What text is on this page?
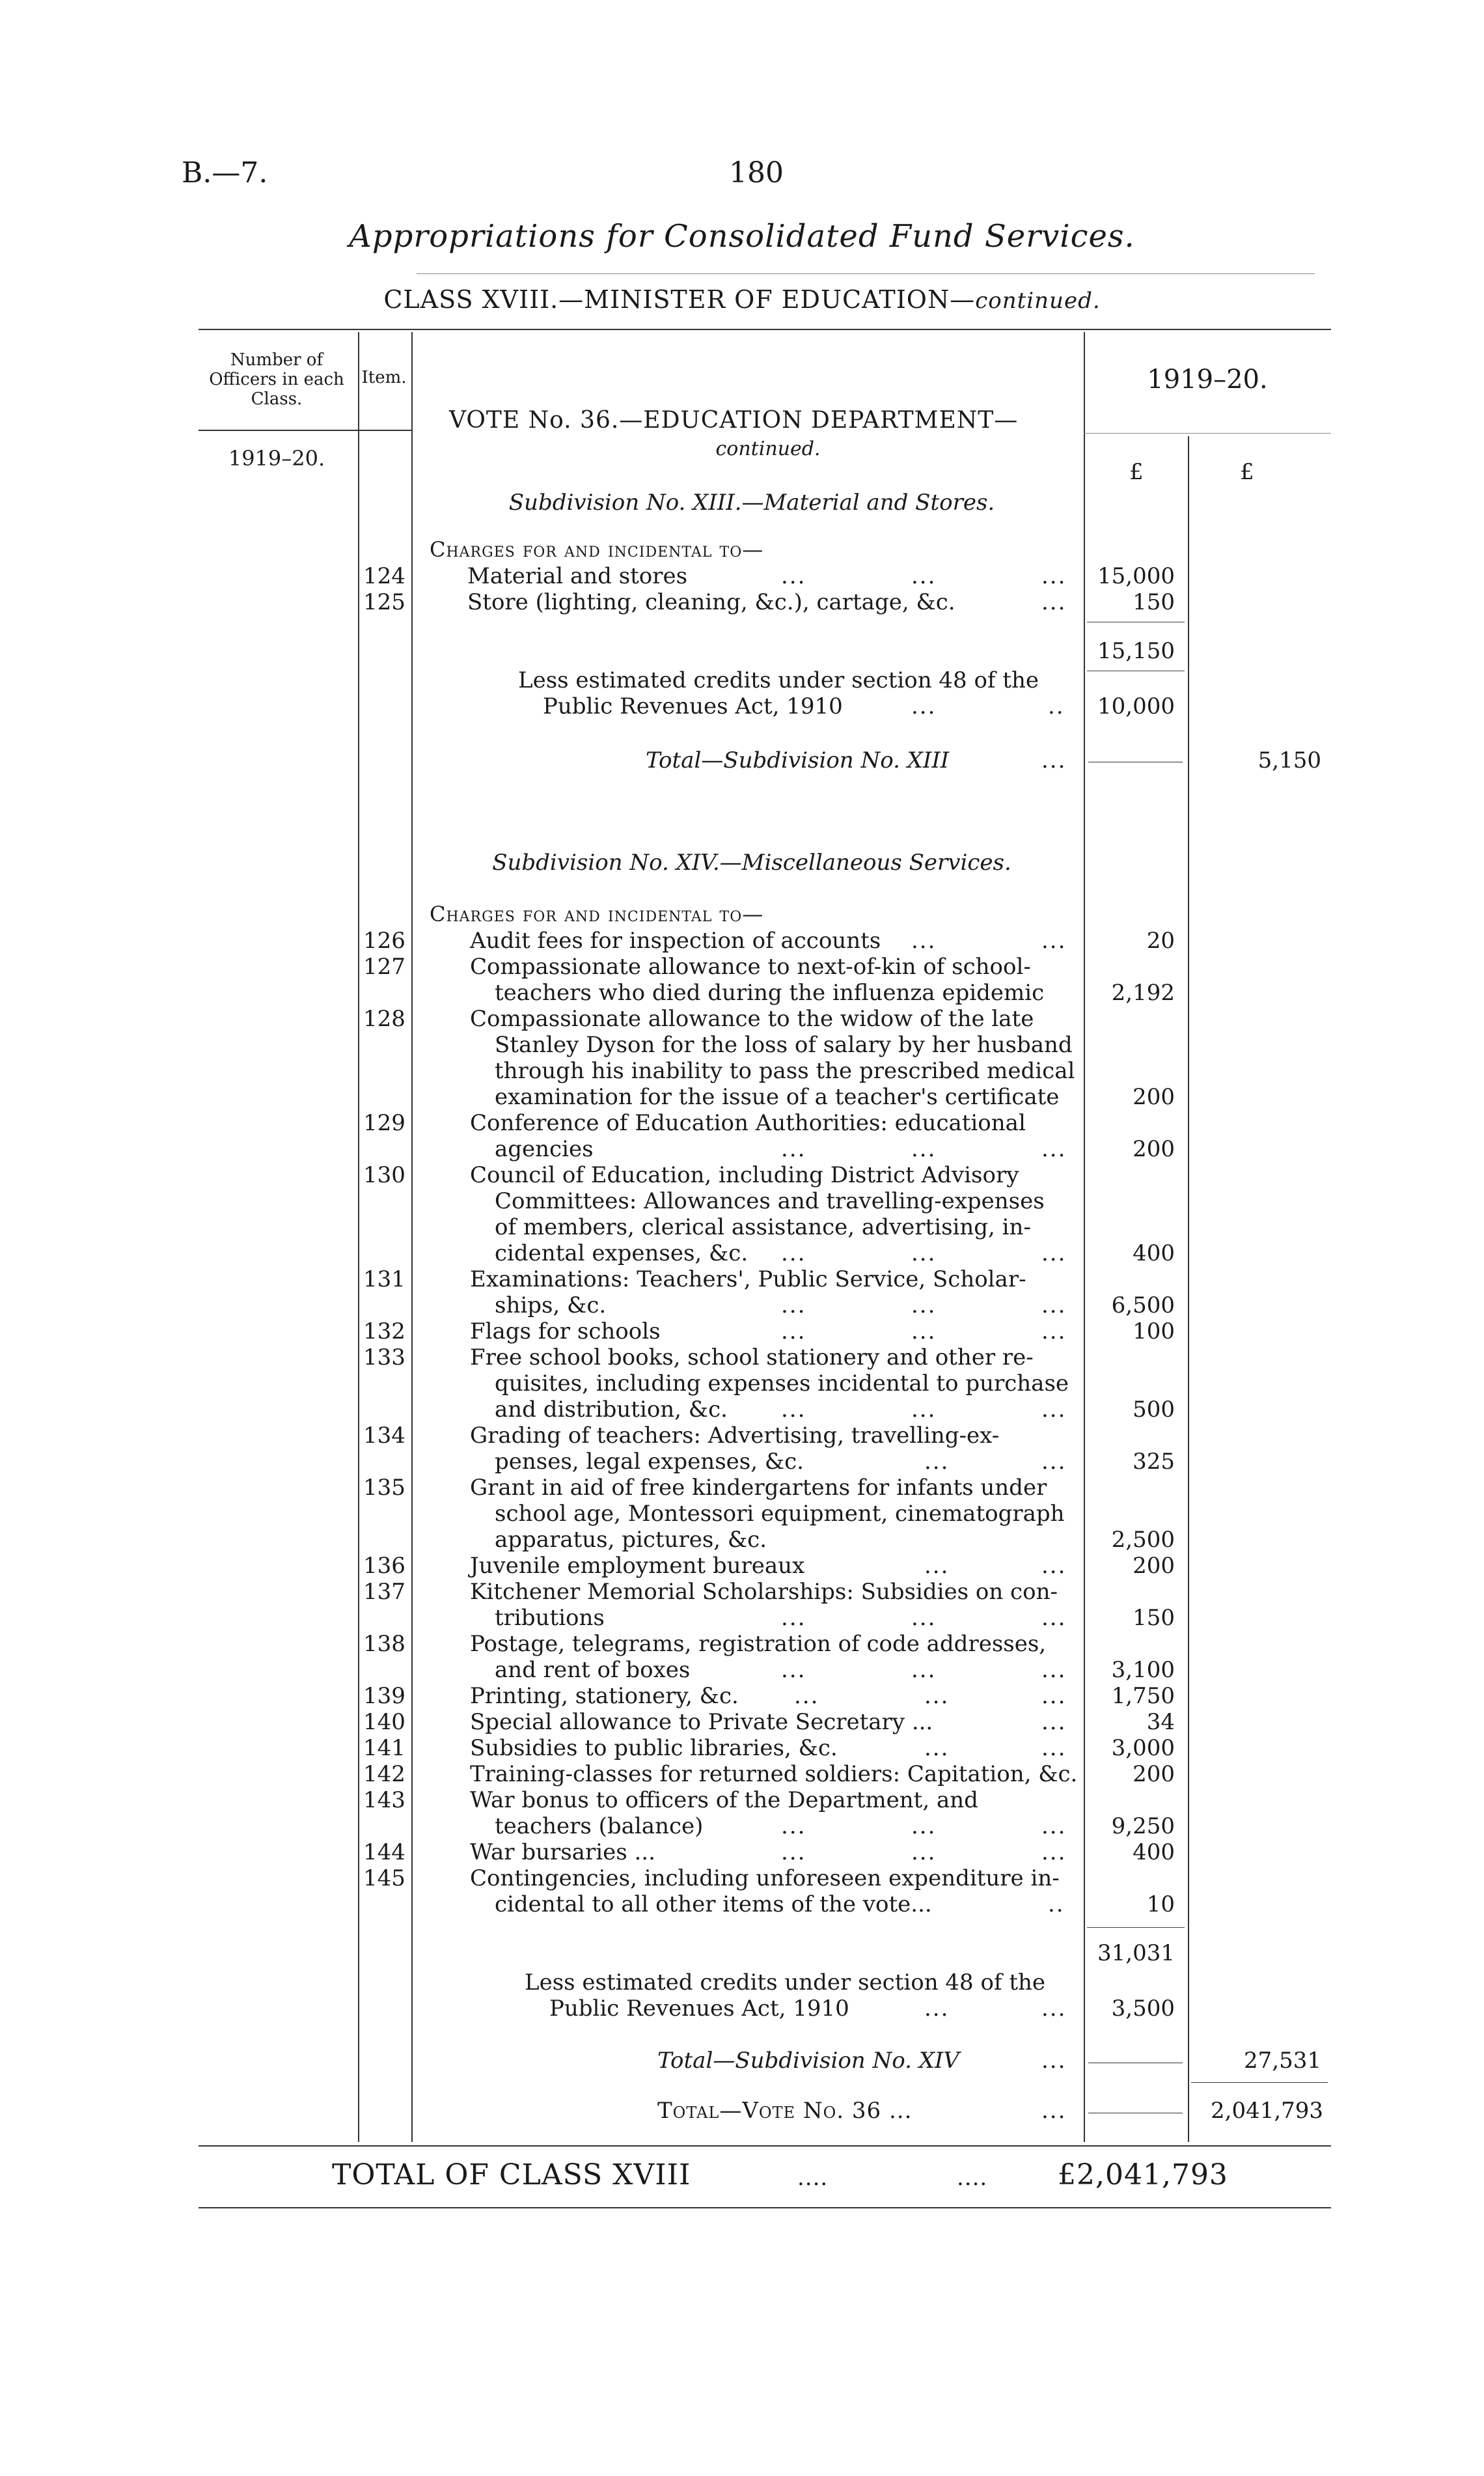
B.—7.	180
Appropriations for Consolidated Fund Services.
CLASS XVIII.—MINISTER OF EDUCATION—continued.
Number of Officers in each Class.
Item.
1919–20.
1919–20.
£	£
VOTE No. 36.—EDUCATION DEPARTMENT—
continued.
Subdivision No. XIII.—Material and Stores.
Charges for and incidental to—
124	Material and stores	...	...	...	15,000
125	Store (lighting, cleaning, &c.), cartage, &c.	...	150
15,150
Less estimated credits under section 48 of the
Public Revenues Act, 1910	...	..	10,000
Total—Subdivision No. XIII	...	5,150
Subdivision No. XIV.—Miscellaneous Services.
Charges for and incidental to—
126	Audit fees for inspection of accounts ...	...	20
127	Compassionate allowance to next-of-kin of school-
teachers who died during the influenza epidemic	2,192
128	Compassionate allowance to the widow of the late
Stanley Dyson for the loss of salary by her husband
through his inability to pass the prescribed medical
examination for the issue of a teacher's certificate	200
129	Conference of Education Authorities: educational
agencies	...	...	...	200
130	Council of Education, including District Advisory
Committees: Allowances and travelling-expenses
of members, clerical assistance, advertising, in-
cidental expenses, &c. ...	...	...	400
131	Examinations: Teachers', Public Service, Scholar-
ships, &c.	...	...	...	6,500
132	Flags for schools	...	...	...	100
133	Free school books, school stationery and other re-
quisites, including expenses incidental to purchase
and distribution, &c. ...	...	...	500
134	Grading of teachers: Advertising, travelling-ex-
penses, legal expenses, &c.	...	...	325
135	Grant in aid of free kindergartens for infants under
school age, Montessori equipment, cinematograph
apparatus, pictures, &c.	2,500
136	Juvenile employment bureaux	...	...	200
137	Kitchener Memorial Scholarships: Subsidies on con-
tributions	...	...	...	150
138	Postage, telegrams, registration of code addresses,
and rent of boxes	...	...	...	3,100
139	Printing, stationery, &c.	...	...	...	1,750
140	Special allowance to Private Secretary ...	...	34
141	Subsidies to public libraries, &c.	...	...	3,000
142	Training-classes for returned soldiers: Capitation, &c.	200
143	War bonus to officers of the Department, and
teachers (balance)	...	...	...	9,250
144	War bursaries ...	...	...	...	400
145	Contingencies, including unforeseen expenditure in-
cidental to all other items of the vote...	..	10
31,031
Less estimated credits under section 48 of the
Public Revenues Act, 1910	...	...	3,500
Total—Subdivision No. XIV	...	27,531
Total—Vote No. 36 ...	...	2,041,793
TOTAL OF CLASS XVIII	....	.... £2,041,793
